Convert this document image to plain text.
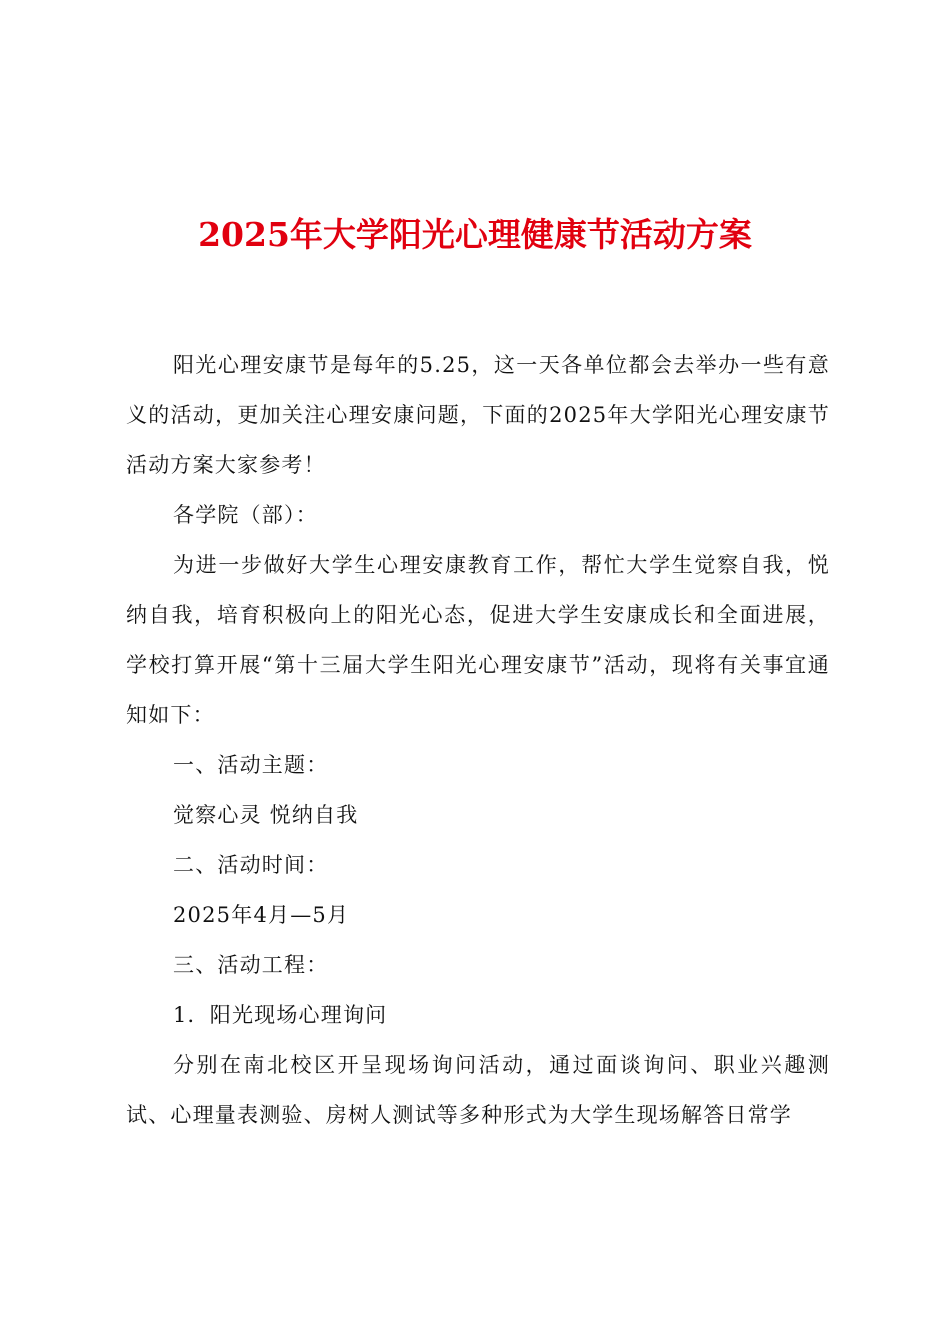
2025年大学阳光心理健康节活动方案

阳光心理安康节是每年的5.25，这一天各单位都会去举办一些有意义的活动，更加关注心理安康问题，下面的2025年大学阳光心理安康节活动方案大家参考！

各学院（部）：

为进一步做好大学生心理安康教育工作，帮忙大学生觉察自我，悦纳自我，培育积极向上的阳光心态，促进大学生安康成长和全面进展，学校打算开展“第十三届大学生阳光心理安康节”活动，现将有关事宜通知如下：

一、活动主题：

觉察心灵 悦纳自我

二、活动时间：

2025年4月—5月

三、活动工程：

1．阳光现场心理询问

分别在南北校区开呈现场询问活动，通过面谈询问、职业兴趣测试、心理量表测验、房树人测试等多种形式为大学生现场解答日常学
